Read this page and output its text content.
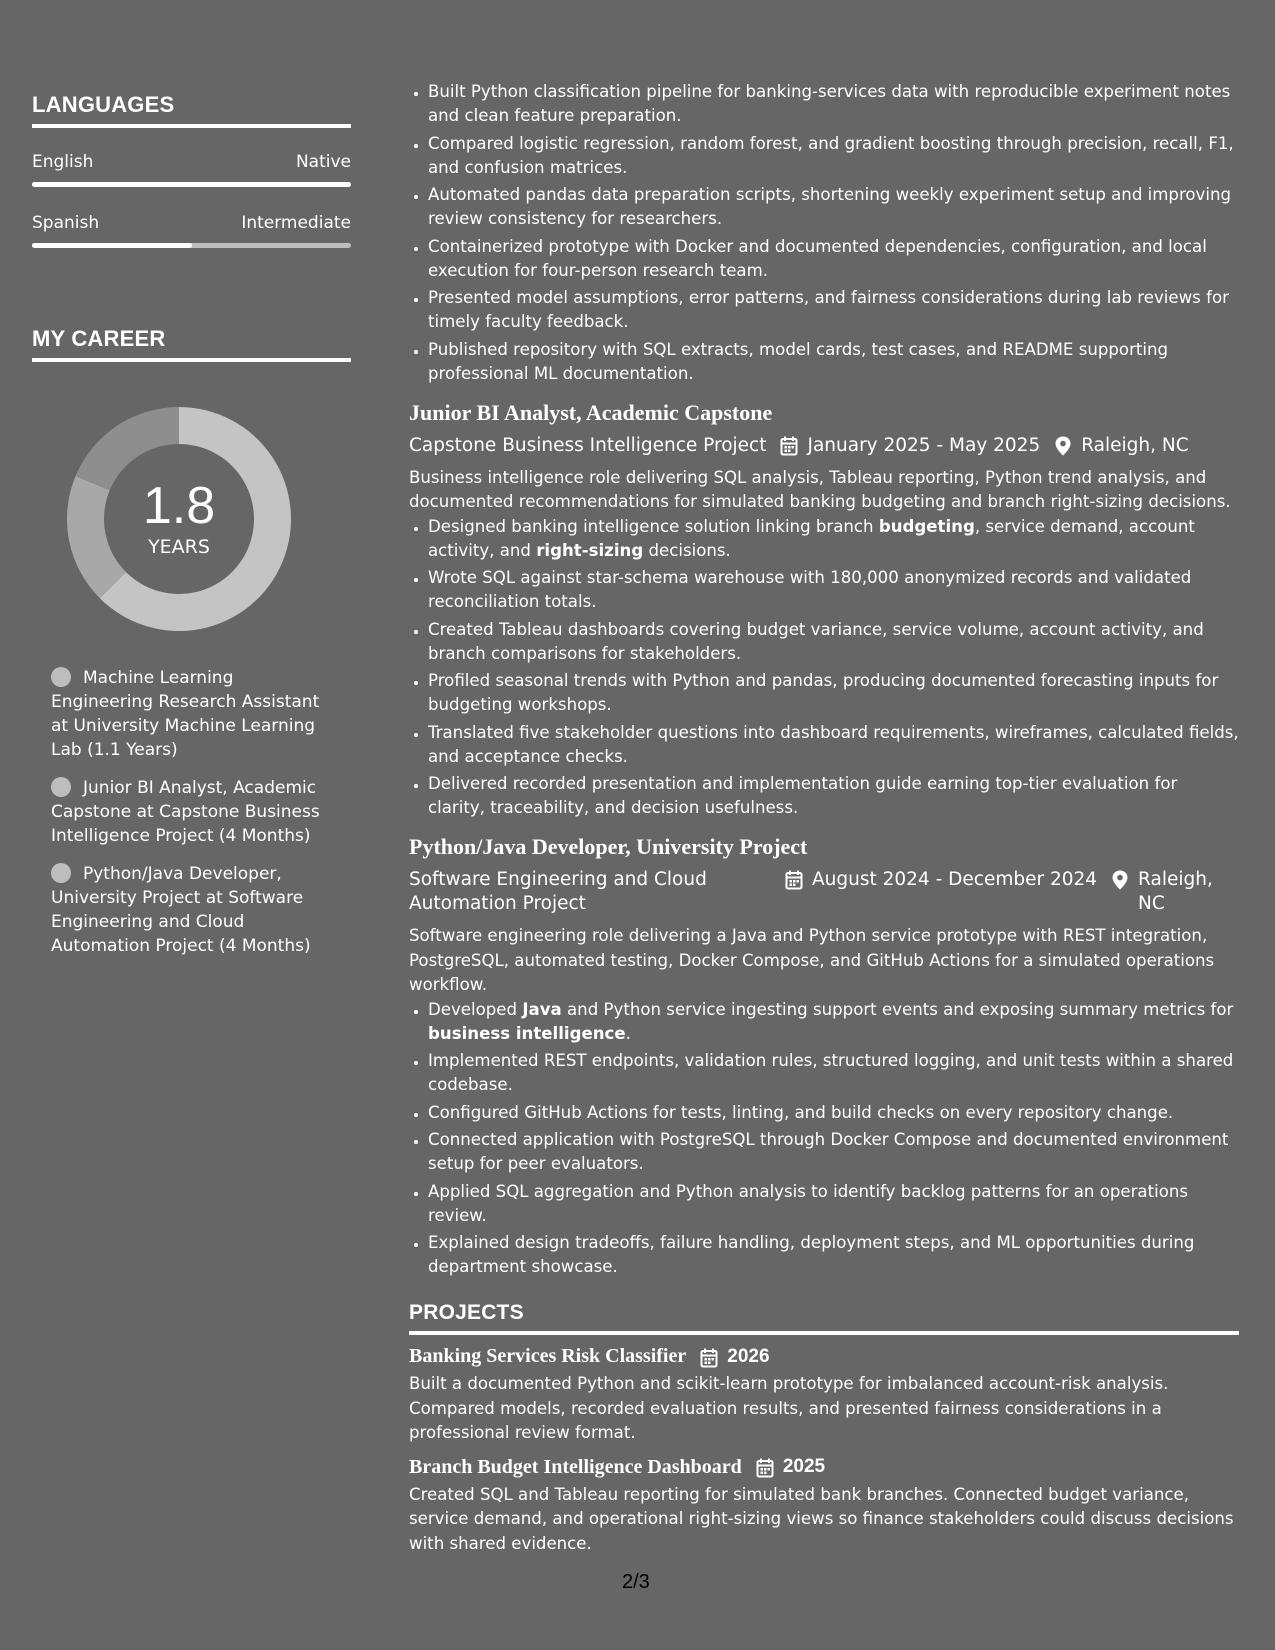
LANGUAGES
English	Native
Spanish	Intermediate
MY CAREER
1.8
YEARS
Machine Learning Engineering Research Assistant at University Machine Learning Lab (1.1 Years)
Junior BI Analyst, Academic Capstone at Capstone Business Intelligence Project (4 Months)
Python/Java Developer, University Project at Software Engineering and Cloud Automation Project (4 Months)
• Built Python classification pipeline for banking-services data with reproducible experiment notes and clean feature preparation.
• Compared logistic regression, random forest, and gradient boosting through precision, recall, F1, and confusion matrices.
• Automated pandas data preparation scripts, shortening weekly experiment setup and improving review consistency for researchers.
• Containerized prototype with Docker and documented dependencies, configuration, and local execution for four-person research team.
• Presented model assumptions, error patterns, and fairness considerations during lab reviews for timely faculty feedback.
• Published repository with SQL extracts, model cards, test cases, and README supporting professional ML documentation.
Junior BI Analyst, Academic Capstone
Capstone Business Intelligence Project January 2025 - May 2025 Raleigh, NC
Business intelligence role delivering SQL analysis, Tableau reporting, Python trend analysis, and documented recommendations for simulated banking budgeting and branch right-sizing decisions.
• Designed banking intelligence solution linking branch budgeting, service demand, account activity, and right-sizing decisions.
• Wrote SQL against star-schema warehouse with 180,000 anonymized records and validated reconciliation totals.
• Created Tableau dashboards covering budget variance, service volume, account activity, and branch comparisons for stakeholders.
• Profiled seasonal trends with Python and pandas, producing documented forecasting inputs for budgeting workshops.
• Translated five stakeholder questions into dashboard requirements, wireframes, calculated fields, and acceptance checks.
• Delivered recorded presentation and implementation guide earning top-tier evaluation for clarity, traceability, and decision usefulness.
Python/Java Developer, University Project
Software Engineering and Cloud Automation Project
August 2024 - December 2024 Raleigh, NC
Software engineering role delivering a Java and Python service prototype with REST integration, PostgreSQL, automated testing, Docker Compose, and GitHub Actions for a simulated operations workflow.
• Developed Java and Python service ingesting support events and exposing summary metrics for business intelligence.
• Implemented REST endpoints, validation rules, structured logging, and unit tests within a shared codebase.
• Configured GitHub Actions for tests, linting, and build checks on every repository change.
• Connected application with PostgreSQL through Docker Compose and documented environment setup for peer evaluators.
• Applied SQL aggregation and Python analysis to identify backlog patterns for an operations review.
• Explained design tradeoffs, failure handling, deployment steps, and ML opportunities during department showcase.
PROJECTS
Banking Services Risk Classifier 2026
Built a documented Python and scikit-learn prototype for imbalanced account-risk analysis. Compared models, recorded evaluation results, and presented fairness considerations in a professional review format.
Branch Budget Intelligence Dashboard 2025
Created SQL and Tableau reporting for simulated bank branches. Connected budget variance, service demand, and operational right-sizing views so finance stakeholders could discuss decisions with shared evidence.
2/3
